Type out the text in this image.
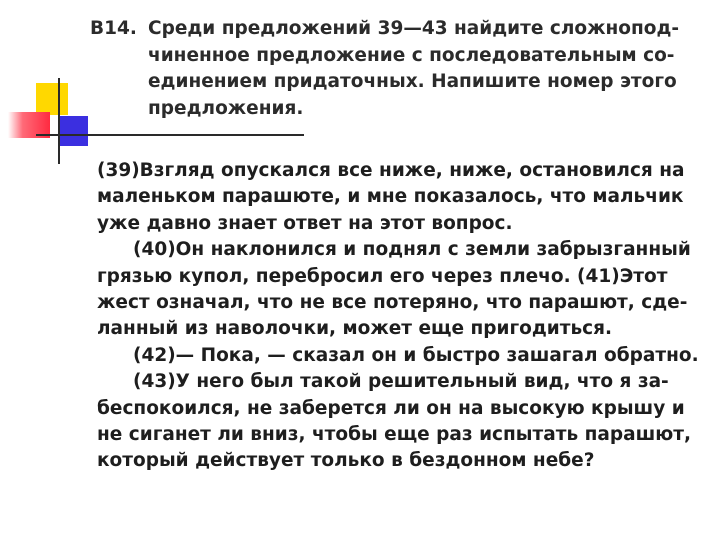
В14. Среди предложений 39—43 найдите сложнопод-
чиненное предложение с последовательным со-
единением придаточных. Напишите номер этого
предложения.
(39)Взгляд опускался все ниже, ниже, остановился на
маленьком парашюте, и мне показалось, что мальчик
уже давно знает ответ на этот вопрос.
(40)Он наклонился и поднял с земли забрызганный
грязью купол, перебросил его через плечо. (41)Этот
жест означал, что не все потеряно, что парашют, сде-
ланный из наволочки, может еще пригодиться.
(42)— Пока, — сказал он и быстро зашагал обратно.
(43)У него был такой решительный вид, что я за-
беспокоился, не заберется ли он на высокую крышу и
не сиганет ли вниз, чтобы еще раз испытать парашют,
который действует только в бездонном небе?
